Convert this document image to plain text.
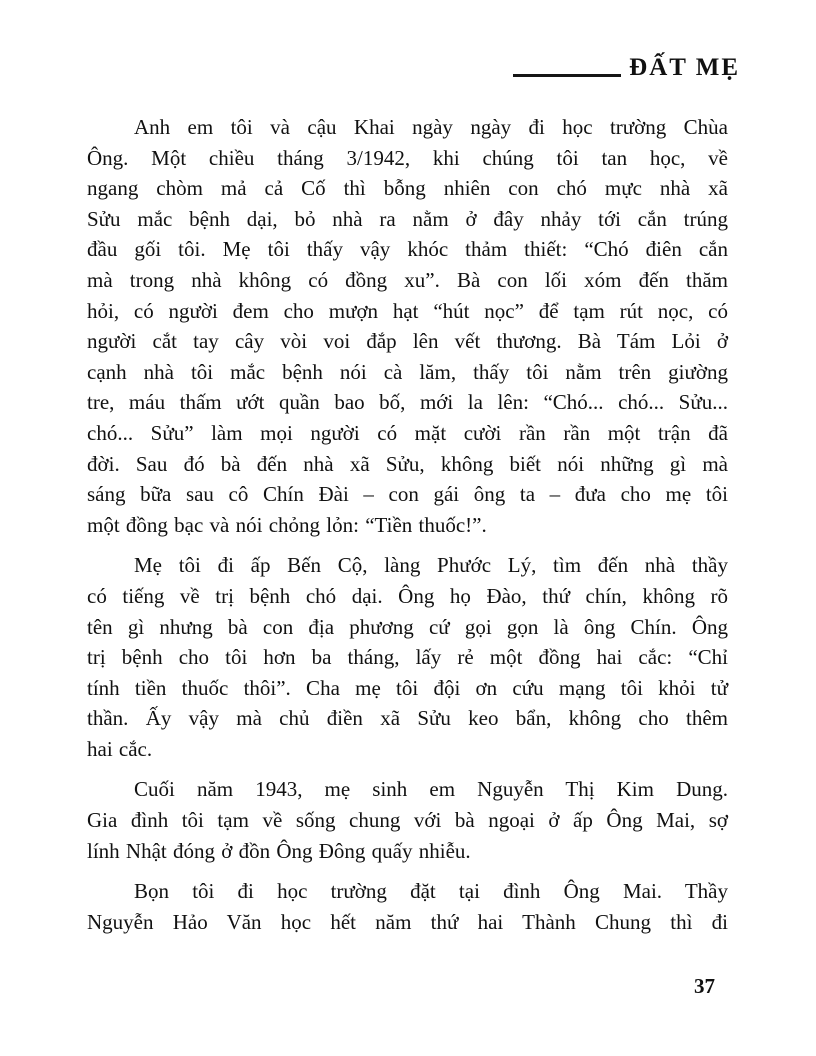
ĐẤT MẸ
Anh em tôi và cậu Khai ngày ngày đi học trường Chùa
Ông. Một chiều tháng 3/1942, khi chúng tôi tan học, về
ngang chòm mả cả Cố thì bỗng nhiên con chó mực nhà xã
Sửu mắc bệnh dại, bỏ nhà ra nằm ở đây nhảy tới cắn trúng
đầu gối tôi. Mẹ tôi thấy vậy khóc thảm thiết: “Chó điên cắn
mà trong nhà không có đồng xu”. Bà con lối xóm đến thăm
hỏi, có người đem cho mượn hạt “hút nọc” để tạm rút nọc, có
người cắt tay cây vòi voi đắp lên vết thương. Bà Tám Lỏi ở
cạnh nhà tôi mắc bệnh nói cà lăm, thấy tôi nằm trên giường
tre, máu thấm ướt quần bao bố, mới la lên: “Chó... chó... Sửu...
chó... Sửu” làm mọi người có mặt cười rần rần một trận đã
đời. Sau đó bà đến nhà xã Sửu, không biết nói những gì mà
sáng bữa sau cô Chín Đài – con gái ông ta – đưa cho mẹ tôi
một đồng bạc và nói chỏng lỏn: “Tiền thuốc!”.
Mẹ tôi đi ấp Bến Cộ, làng Phước Lý, tìm đến nhà thầy
có tiếng về trị bệnh chó dại. Ông họ Đào, thứ chín, không rõ
tên gì nhưng bà con địa phương cứ gọi gọn là ông Chín. Ông
trị bệnh cho tôi hơn ba tháng, lấy rẻ một đồng hai cắc: “Chỉ
tính tiền thuốc thôi”. Cha mẹ tôi đội ơn cứu mạng tôi khỏi tử
thần. Ấy vậy mà chủ điền xã Sửu keo bẩn, không cho thêm
hai cắc.
Cuối năm 1943, mẹ sinh em Nguyễn Thị Kim Dung.
Gia đình tôi tạm về sống chung với bà ngoại ở ấp Ông Mai, sợ
lính Nhật đóng ở đồn Ông Đông quấy nhiễu.
Bọn tôi đi học trường đặt tại đình Ông Mai. Thầy
Nguyễn Hảo Văn học hết năm thứ hai Thành Chung thì đi
37
